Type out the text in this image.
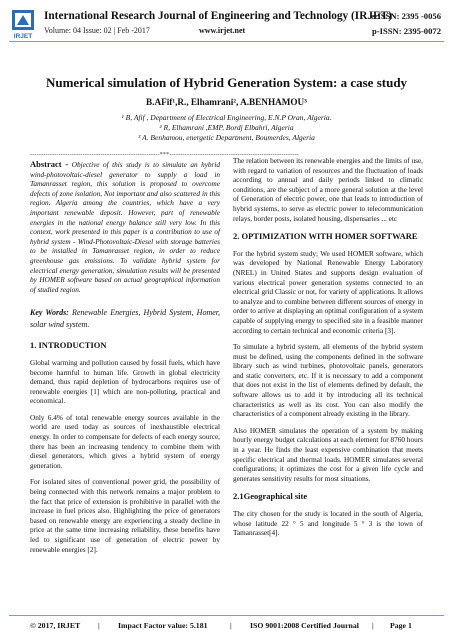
IRJET
International Research Journal of Engineering and Technology (IRJET)
e-ISSN: 2395 -0056
Volume: 04 Issue: 02 | Feb -2017	www.irjet.net	p-ISSN: 2395-0072
Numerical simulation of Hybrid Generation System: a case study
B.AFif¹,R., Elhamrani², A.BENHAMOU³
¹ B, Afif , Department of Electrical Engineering, E.N.P Oran, Algeria.
² R, Elhamrani ,EMP, Bordj Elbahri, Algeria
³ A. Benhamou, energetic Department, Boumerdes, Algeria
-----------------------------------------------------------***-----------------------------------------------------------

Abstract - Objective of this study is to simulate an hybrid wind-photovoltaic-diesel generator to supply a load in Tamanrasset region, this solution is proposed to overcome defects of zone isolation, Not important and also scattered in this region. Algeria among the countries, which have a very important renewable deposit. However, part of renewable energies in the national energy balance still very low. In this context, work presented in this paper is a contribution to use of hybrid system - Wind-Photovoltaic-Diesel with storage batteries to be installed in Tamanrasset region, in order to reduce greenhouse gas emissions. To validate hybrid system for electrical energy generation, simulation results will be presented by HOMER software based on actual geographical information of studied region.

Key Words: Renewable Energies, Hybrid System, Homer, solar wind system.

1. INTRODUCTION

Global warming and pollution caused by fossil fuels, which have become harmful to human life. Growth in global electricity demand, thus rapid depletion of hydrocarbons requires use of renewable energies [1] which are non-polluting, practical and economical.

Only 6.4% of total renewable energy sources available in the world are used today as sources of inexhaustible electrical energy. In order to compensate for defects of each energy source, there has been an increasing tendency to combine them with diesel generators, which gives a hybrid system of energy generation.

For isolated sites of conventional power grid, the possibility of being connected with this network remains a major problem to the fact that price of extension is prohibitive in parallel with the increase in fuel prices also. Highlighting the price of generators based on renewable energy are experiencing a steady decline in price at the same time increasing reliability, these benefits have led to significant use of generation of electric power by renewable energies [2].

The relation between its renewable energies and the limits of use, with regard to variation of resources and the fluctuation of loads according to annual and daily periods linked to climatic conditions, are the subject of a more general solution at the level of Generation of electric power, one that leads to introduction of hybrid systems, to serve as electric power to telecommunication relays, border posts, isolated housing, dispensaries ... etc

2. OPTIMIZATION WITH HOMER SOFTWARE

For the hybrid system study; We used HOMER software, which was developed by National Renewable Energy Laboratory (NREL) in United States and supports design evaluation of various electrical power generation systems connected to an electrical grid Classic or not, for variety of applications. It allows to analyze and to combine between different sources of energy in order to arrive at displaying an optimal configuration of a system capable of supplying energy to specified site in a feasible manner according to certain technical and economic criteria [3].

To simulate a hybrid system, all elements of the hybrid system must be defined, using the components defined in the software library such as wind turbines, photovoltaic panels, generators and static converters, etc. If it is necessary to add a component that does not exist in the list of elements defined by default, the software allows us to add it by introducing all its technical characteristics as well as its cost. You can also modify the characteristics of a component already existing in the library.

Also HOMER simulates the operation of a system by making hourly energy budget calculations at each element for 8760 hours in a year. He finds the least expensive combination that meets specific electrical and thermal loads. HOMER simulates several configurations; it optimizes the cost for a given life cycle and generates sensitivity results for most situations.

2.1Geographical site

The city chosen for the study is located in the south of Algeria, whose latitude 22 ° 5 and longitude 5 ° 3 is the town of Tamanrasset[4].

© 2017, IRJET | Impact Factor value: 5.181	| ISO 9001:2008 Certified Journal | Page 1
